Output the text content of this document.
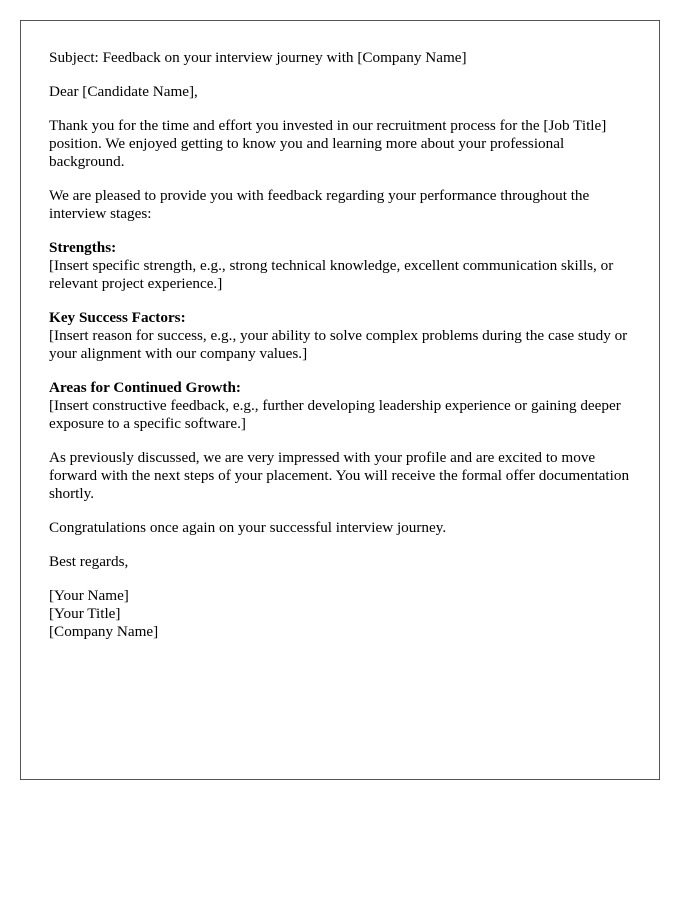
Subject: Feedback on your interview journey with [Company Name]

Dear [Candidate Name],

Thank you for the time and effort you invested in our recruitment process for the [Job Title] position. We enjoyed getting to know you and learning more about your professional background.

We are pleased to provide you with feedback regarding your performance throughout the interview stages:

Strengths:
[Insert specific strength, e.g., strong technical knowledge, excellent communication skills, or relevant project experience.]

Key Success Factors:
[Insert reason for success, e.g., your ability to solve complex problems during the case study or your alignment with our company values.]

Areas for Continued Growth:
[Insert constructive feedback, e.g., further developing leadership experience or gaining deeper exposure to a specific software.]

As previously discussed, we are very impressed with your profile and are excited to move forward with the next steps of your placement. You will receive the formal offer documentation shortly.

Congratulations once again on your successful interview journey.

Best regards,

[Your Name]
[Your Title]
[Company Name]
